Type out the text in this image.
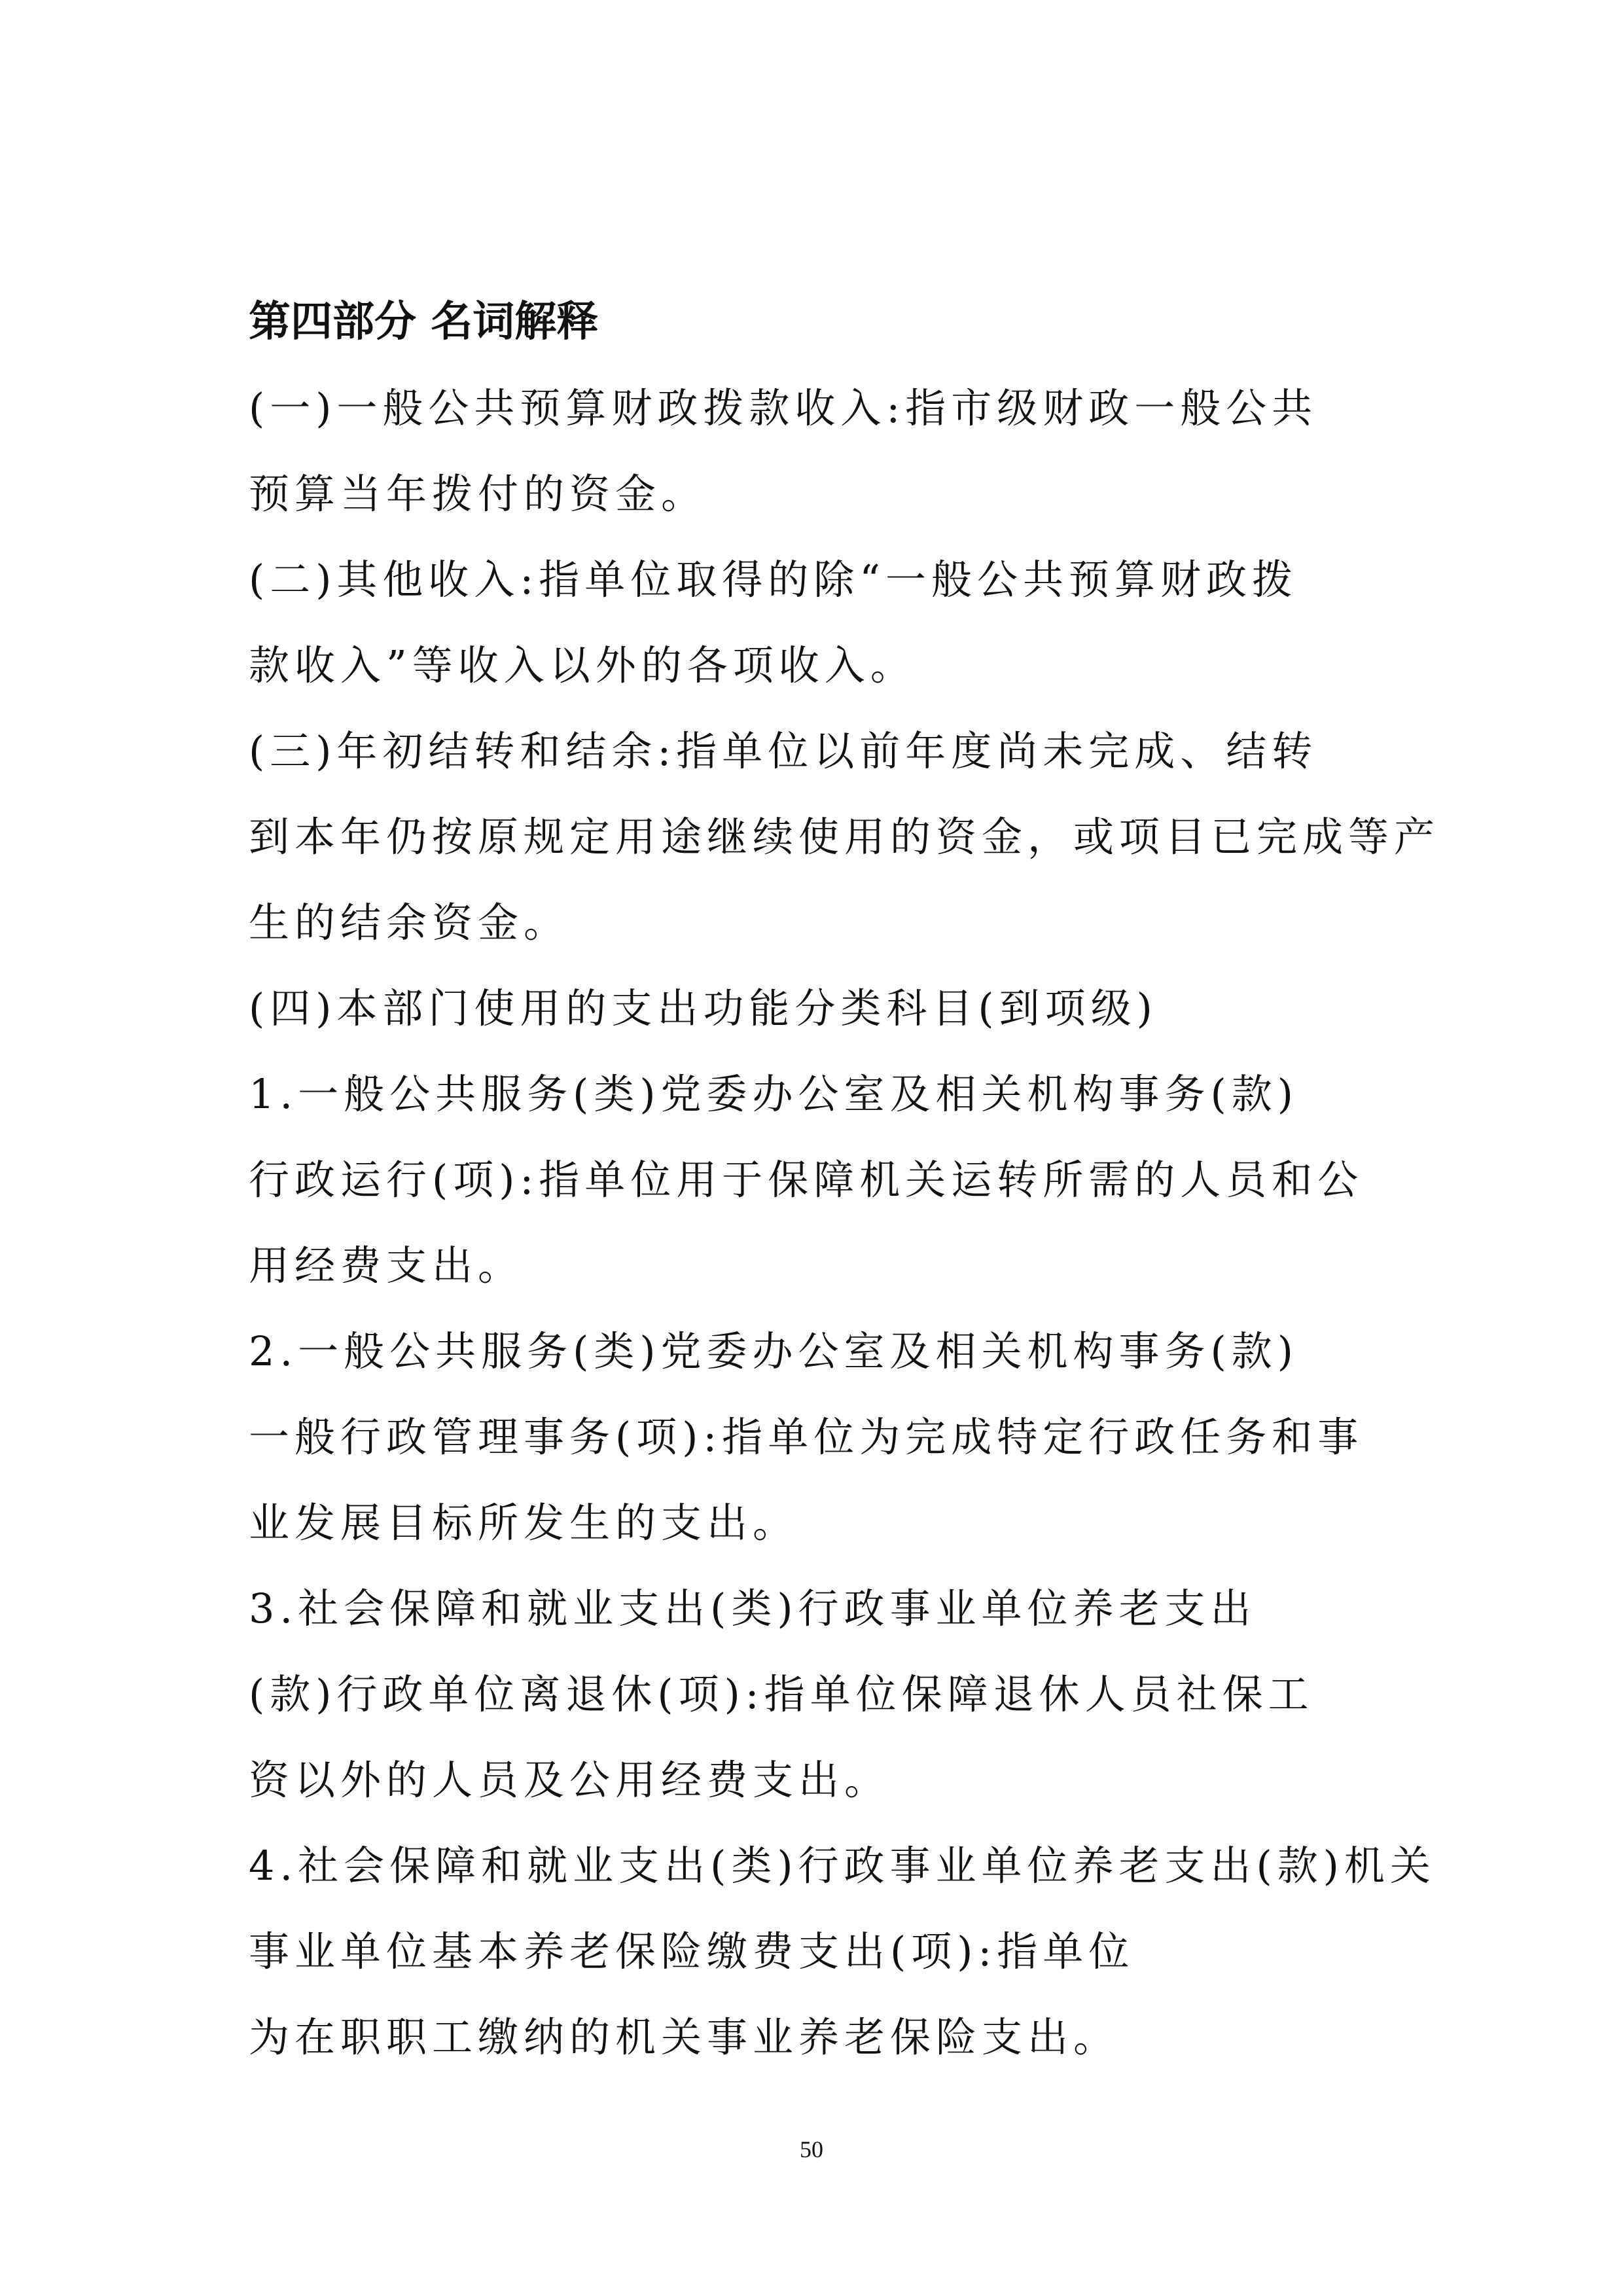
第四部分 名词解释
(一)一般公共预算财政拨款收入:指市级财政一般公共
预算当年拨付的资金。
(二)其他收入:指单位取得的除“一般公共预算财政拨
款收入”等收入以外的各项收入。
(三)年初结转和结余:指单位以前年度尚未完成、结转
到本年仍按原规定用途继续使用的资金，或项目已完成等产
生的结余资金。
(四)本部门使用的支出功能分类科目(到项级)
1.一般公共服务(类)党委办公室及相关机构事务(款)
行政运行(项):指单位用于保障机关运转所需的人员和公
用经费支出。
2.一般公共服务(类)党委办公室及相关机构事务(款)
一般行政管理事务(项):指单位为完成特定行政任务和事
业发展目标所发生的支出。
3.社会保障和就业支出(类)行政事业单位养老支出
(款)行政单位离退休(项):指单位保障退休人员社保工
资以外的人员及公用经费支出。
4.社会保障和就业支出(类)行政事业单位养老支出(款)机关
事业单位基本养老保险缴费支出(项):指单位
为在职职工缴纳的机关事业养老保险支出。
50
